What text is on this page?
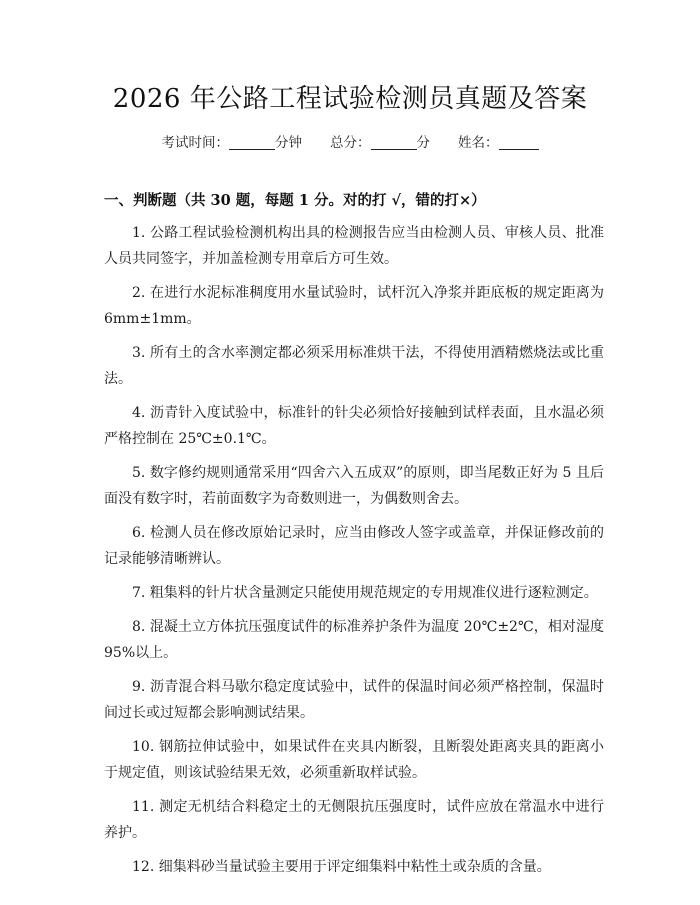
2026 年公路工程试验检测员真题及答案
考试时间：	分钟 总分：	分 姓名：
一、判断题（共 30 题，每题 1 分。对的打 √，错的打×）

1. 公路工程试验检测机构出具的检测报告应当由检测人员、审核人员、批准人员共同签字，并加盖检测专用章后方可生效。

2. 在进行水泥标准稠度用水量试验时，试杆沉入净浆并距底板的规定距离为 6mm±1mm。

3. 所有土的含水率测定都必须采用标准烘干法，不得使用酒精燃烧法或比重法。

4. 沥青针入度试验中，标准针的针尖必须恰好接触到试样表面，且水温必须严格控制在 25℃±0.1℃。

5. 数字修约规则通常采用“四舍六入五成双”的原则，即当尾数正好为 5 且后面没有数字时，若前面数字为奇数则进一，为偶数则舍去。

6. 检测人员在修改原始记录时，应当由修改人签字或盖章，并保证修改前的记录能够清晰辨认。

7. 粗集料的针片状含量测定只能使用规范规定的专用规准仪进行逐粒测定。

8. 混凝土立方体抗压强度试件的标准养护条件为温度 20℃±2℃，相对湿度 95%以上。

9. 沥青混合料马歇尔稳定度试验中，试件的保温时间必须严格控制，保温时间过长或过短都会影响测试结果。

10. 钢筋拉伸试验中，如果试件在夹具内断裂，且断裂处距离夹具的距离小于规定值，则该试验结果无效，必须重新取样试验。

11. 测定无机结合料稳定土的无侧限抗压强度时，试件应放在常温水中进行养护。

12. 细集料砂当量试验主要用于评定细集料中粘性土或杂质的含量。
